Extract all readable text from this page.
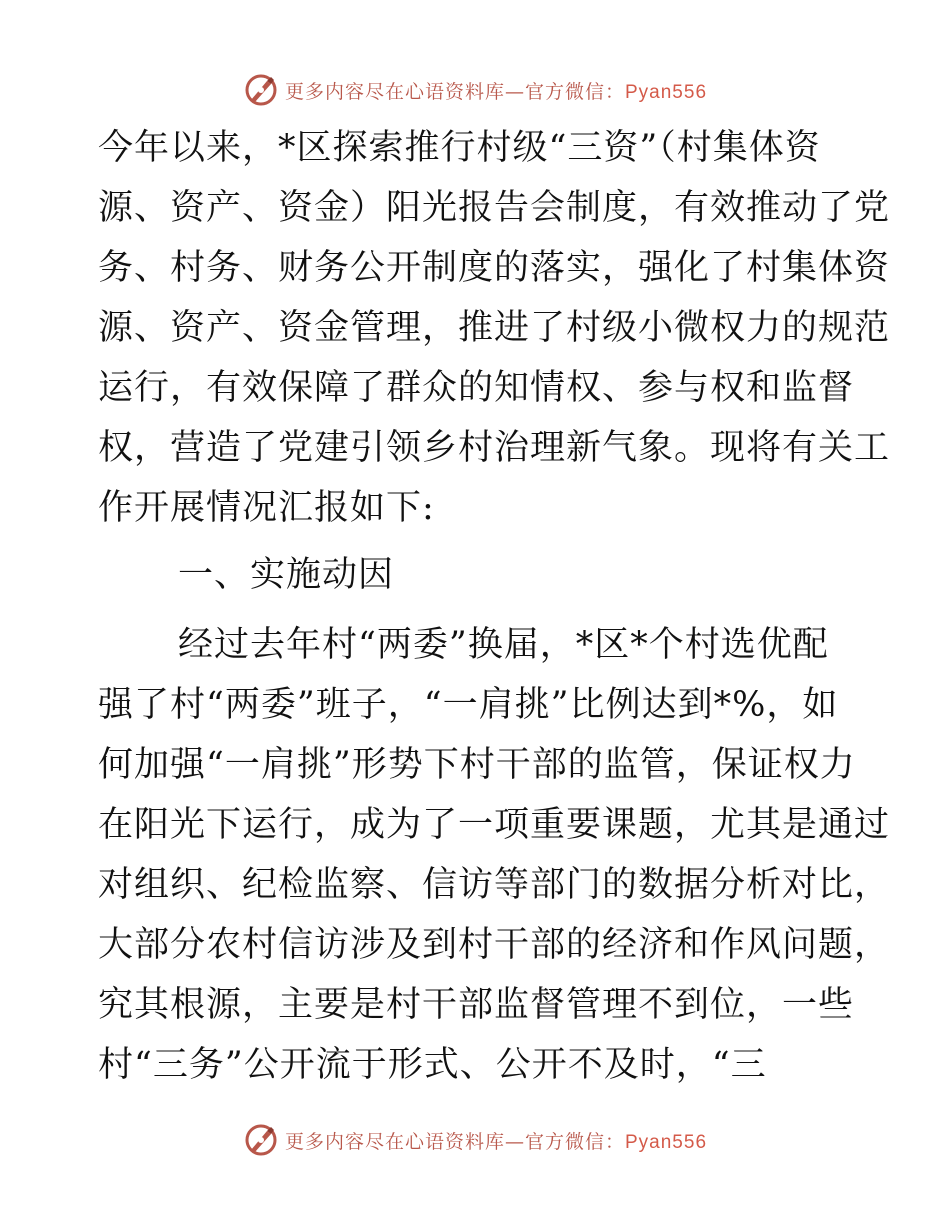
更多内容尽在心语资料库—官方微信：Pyan556
今年以来，*区探索推行村级“三资”（村集体资
源、资产、资金）阳光报告会制度，有效推动了党
务、村务、财务公开制度的落实，强化了村集体资
源、资产、资金管理，推进了村级小微权力的规范
运行，有效保障了群众的知情权、参与权和监督
权，营造了党建引领乡村治理新气象。现将有关工
作开展情况汇报如下:
一、实施动因
经过去年村“两委”换届，*区*个村选优配
强了村“两委”班子，“一肩挑”比例达到*%，如
何加强“一肩挑”形势下村干部的监管，保证权力
在阳光下运行，成为了一项重要课题，尤其是通过
对组织、纪检监察、信访等部门的数据分析对比，
大部分农村信访涉及到村干部的经济和作风问题，
究其根源，主要是村干部监督管理不到位，一些
村“三务”公开流于形式、公开不及时，“三
更多内容尽在心语资料库—官方微信：Pyan556
